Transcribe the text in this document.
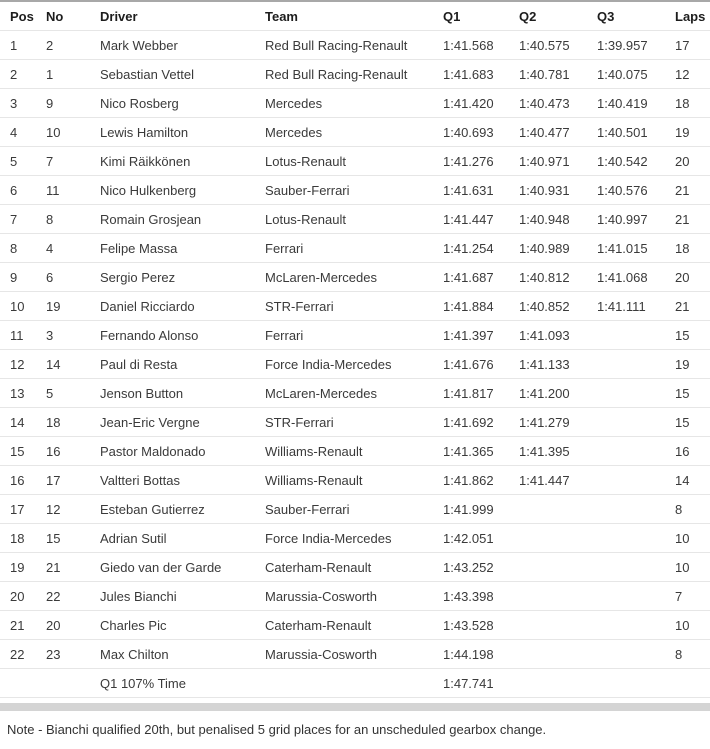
Pos	No	Driver	Team	Q1	Q2	Q3	Laps
1	2	Mark Webber	Red Bull Racing-Renault	1:41.568	1:40.575	1:39.957	17
2	1	Sebastian Vettel	Red Bull Racing-Renault	1:41.683	1:40.781	1:40.075	12
3	9	Nico Rosberg	Mercedes	1:41.420	1:40.473	1:40.419	18
4	10	Lewis Hamilton	Mercedes	1:40.693	1:40.477	1:40.501	19
5	7	Kimi Räikkönen	Lotus-Renault	1:41.276	1:40.971	1:40.542	20
6	11	Nico Hulkenberg	Sauber-Ferrari	1:41.631	1:40.931	1:40.576	21
7	8	Romain Grosjean	Lotus-Renault	1:41.447	1:40.948	1:40.997	21
8	4	Felipe Massa	Ferrari	1:41.254	1:40.989	1:41.015	18
9	6	Sergio Perez	McLaren-Mercedes	1:41.687	1:40.812	1:41.068	20
10	19	Daniel Ricciardo	STR-Ferrari	1:41.884	1:40.852	1:41.111	21
11	3	Fernando Alonso	Ferrari	1:41.397	1:41.093		15
12	14	Paul di Resta	Force India-Mercedes	1:41.676	1:41.133		19
13	5	Jenson Button	McLaren-Mercedes	1:41.817	1:41.200		15
14	18	Jean-Eric Vergne	STR-Ferrari	1:41.692	1:41.279		15
15	16	Pastor Maldonado	Williams-Renault	1:41.365	1:41.395		16
16	17	Valtteri Bottas	Williams-Renault	1:41.862	1:41.447		14
17	12	Esteban Gutierrez	Sauber-Ferrari	1:41.999			8
18	15	Adrian Sutil	Force India-Mercedes	1:42.051			10
19	21	Giedo van der Garde	Caterham-Renault	1:43.252			10
20	22	Jules Bianchi	Marussia-Cosworth	1:43.398			7
21	20	Charles Pic	Caterham-Renault	1:43.528			10
22	23	Max Chilton	Marussia-Cosworth	1:44.198			8
		Q1 107% Time		1:47.741			

Note - Bianchi qualified 20th, but penalised 5 grid places for an unscheduled gearbox change.
